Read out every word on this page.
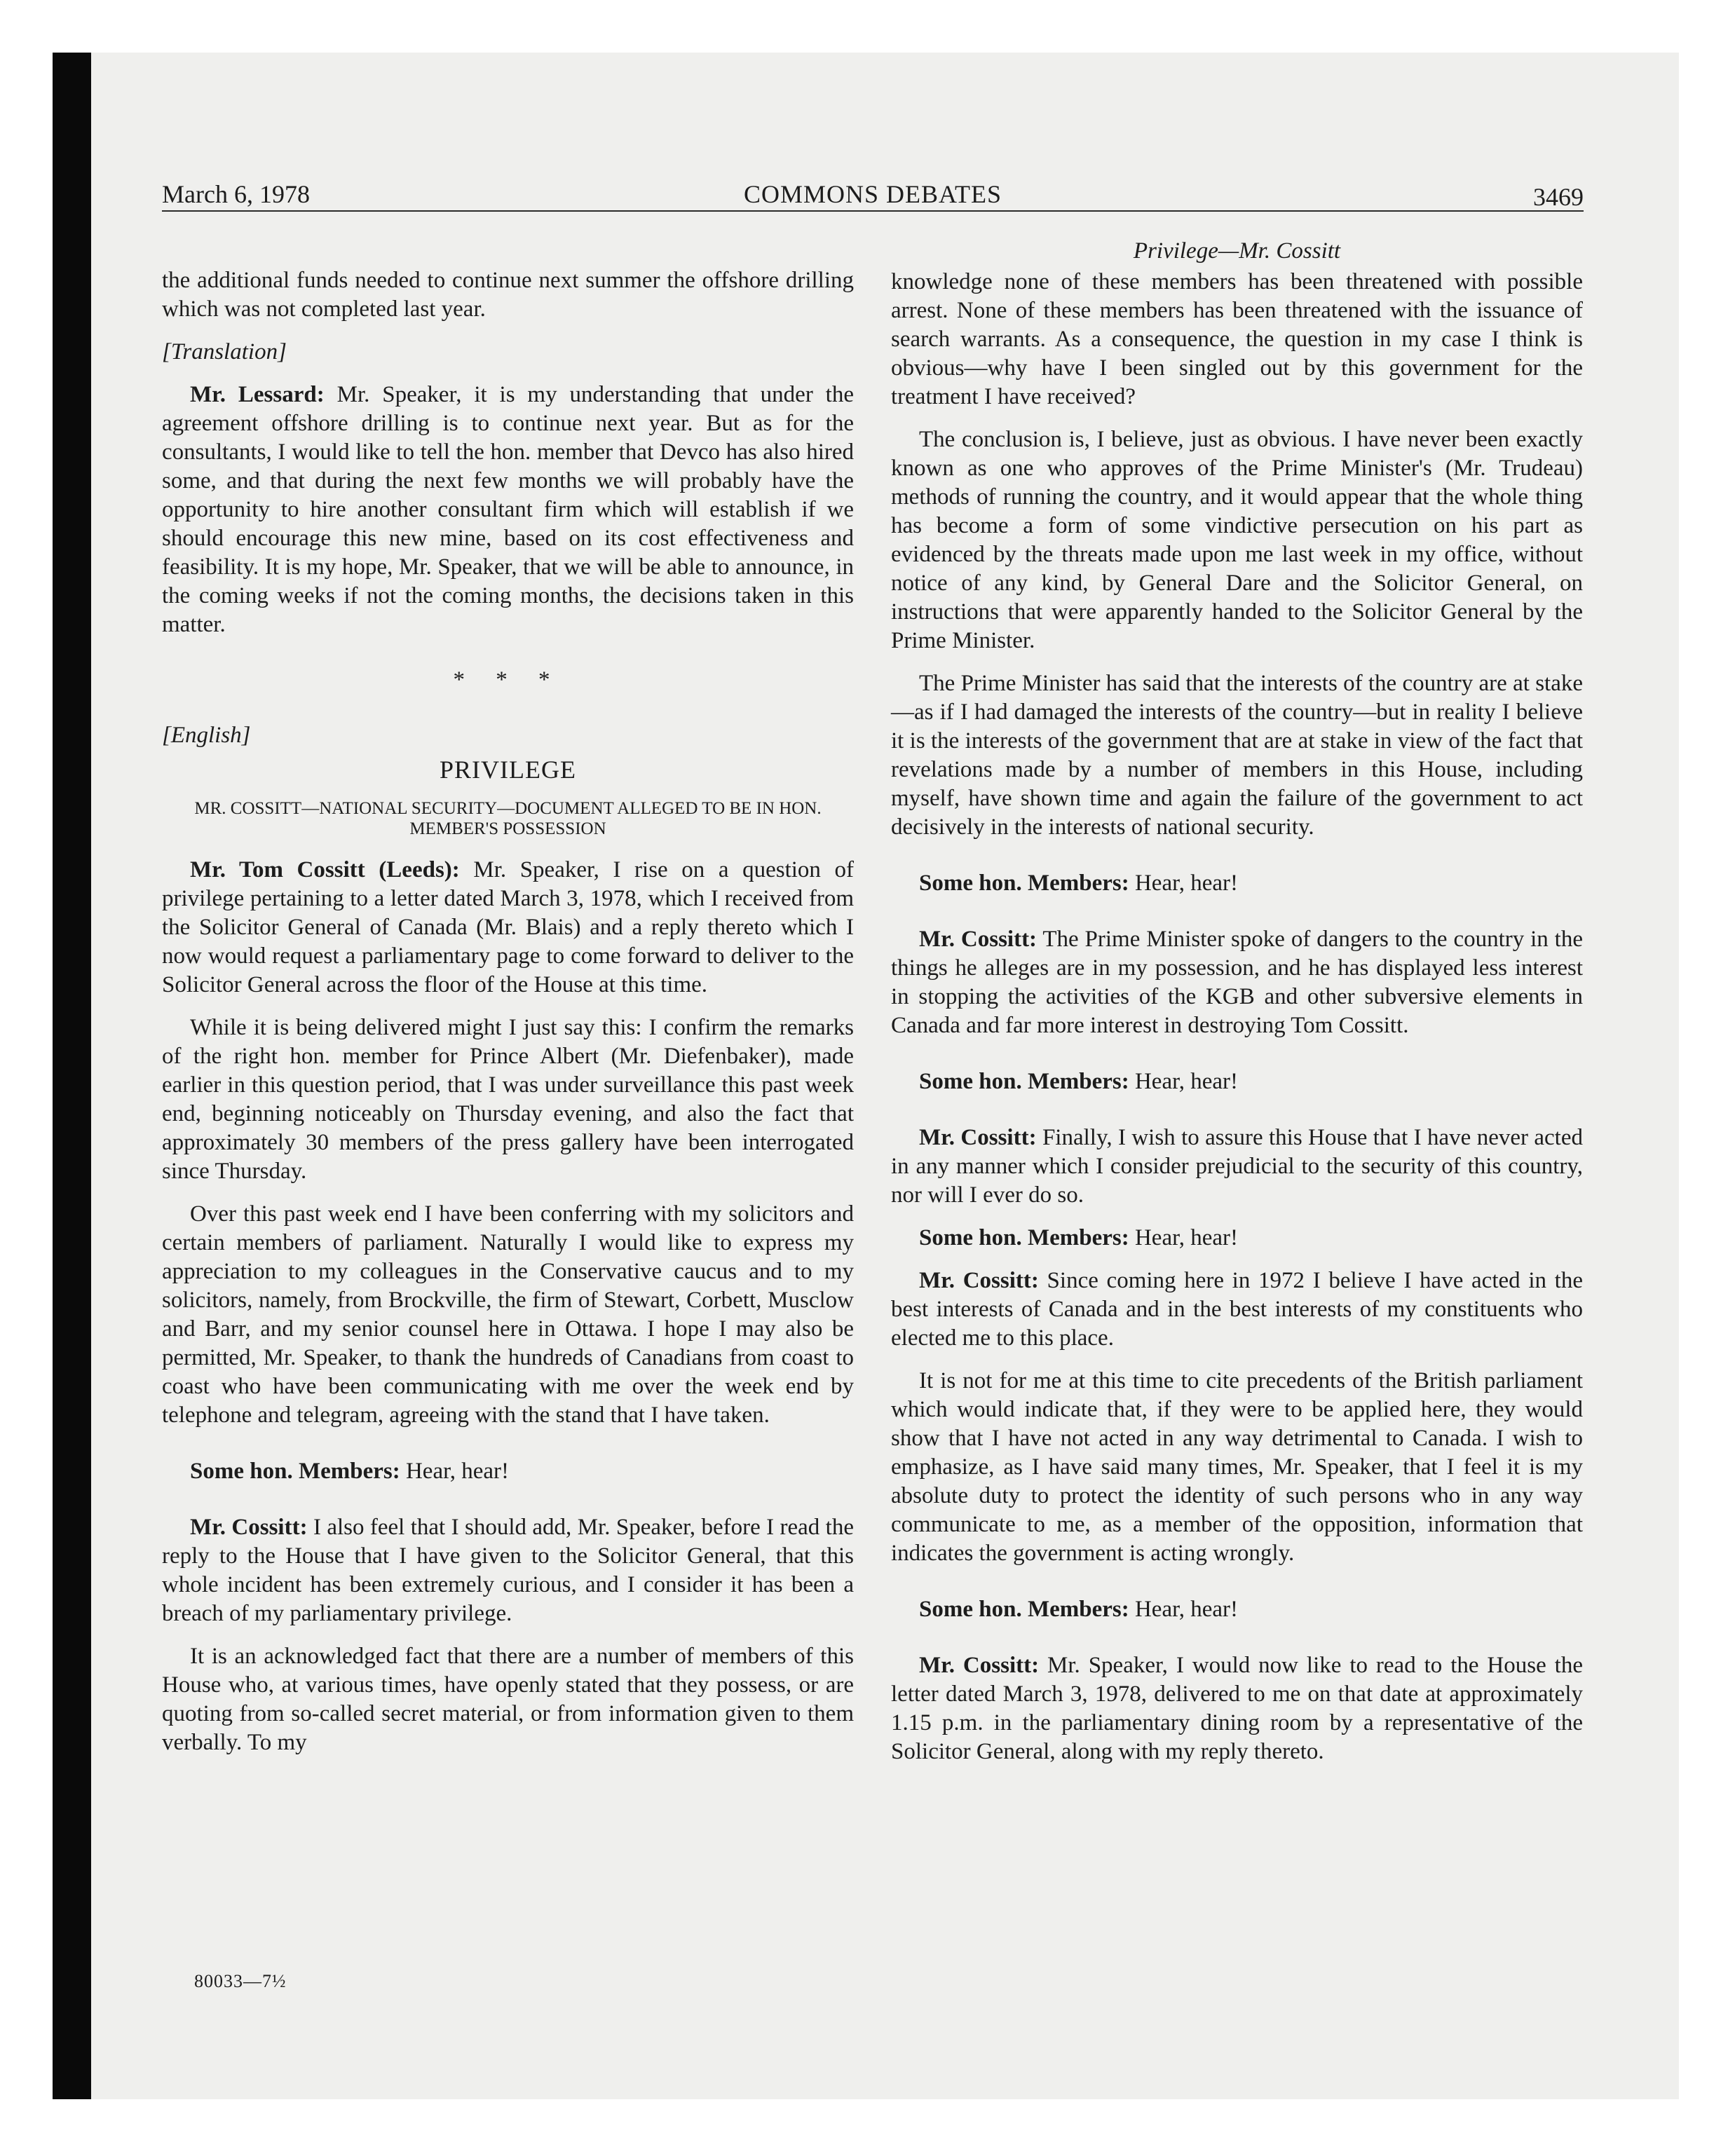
March 6, 1978	COMMONS DEBATES	3469
Privilege—Mr. Cossitt

the additional funds needed to continue next summer the offshore drilling which was not completed last year.

[Translation]

Mr. Lessard: Mr. Speaker, it is my understanding that under the agreement offshore drilling is to continue next year. But as for the consultants, I would like to tell the hon. member that Devco has also hired some, and that during the next few months we will probably have the opportunity to hire another consultant firm which will establish if we should encourage this new mine, based on its cost effectiveness and feasibility. It is my hope, Mr. Speaker, that we will be able to announce, in the coming weeks if not the coming months, the decisions taken in this matter.

* * *
[English]
PRIVILEGE
MR. COSSITT—NATIONAL SECURITY—DOCUMENT ALLEGED TO BE IN HON. MEMBER'S POSSESSION

Mr. Tom Cossitt (Leeds): Mr. Speaker, I rise on a question of privilege pertaining to a letter dated March 3, 1978, which I received from the Solicitor General of Canada (Mr. Blais) and a reply thereto which I now would request a parliamentary page to come forward to deliver to the Solicitor General across the floor of the House at this time.

While it is being delivered might I just say this: I confirm the remarks of the right hon. member for Prince Albert (Mr. Diefenbaker), made earlier in this question period, that I was under surveillance this past week end, beginning noticeably on Thursday evening, and also the fact that approximately 30 members of the press gallery have been interrogated since Thursday.

Over this past week end I have been conferring with my solicitors and certain members of parliament. Naturally I would like to express my appreciation to my colleagues in the Conservative caucus and to my solicitors, namely, from Brockville, the firm of Stewart, Corbett, Musclow and Barr, and my senior counsel here in Ottawa. I hope I may also be permitted, Mr. Speaker, to thank the hundreds of Canadians from coast to coast who have been communicating with me over the week end by telephone and telegram, agreeing with the stand that I have taken.

Some hon. Members: Hear, hear!

Mr. Cossitt: I also feel that I should add, Mr. Speaker, before I read the reply to the House that I have given to the Solicitor General, that this whole incident has been extremely curious, and I consider it has been a breach of my parliamentary privilege.

It is an acknowledged fact that there are a number of members of this House who, at various times, have openly stated that they possess, or are quoting from so-called secret material, or from information given to them verbally. To my

knowledge none of these members has been threatened with possible arrest. None of these members has been threatened with the issuance of search warrants. As a consequence, the question in my case I think is obvious—why have I been singled out by this government for the treatment I have received?

The conclusion is, I believe, just as obvious. I have never been exactly known as one who approves of the Prime Minister's (Mr. Trudeau) methods of running the country, and it would appear that the whole thing has become a form of some vindictive persecution on his part as evidenced by the threats made upon me last week in my office, without notice of any kind, by General Dare and the Solicitor General, on instructions that were apparently handed to the Solicitor General by the Prime Minister.

The Prime Minister has said that the interests of the country are at stake—as if I had damaged the interests of the country—but in reality I believe it is the interests of the government that are at stake in view of the fact that revelations made by a number of members in this House, including myself, have shown time and again the failure of the government to act decisively in the interests of national security.

Some hon. Members: Hear, hear!

Mr. Cossitt: The Prime Minister spoke of dangers to the country in the things he alleges are in my possession, and he has displayed less interest in stopping the activities of the KGB and other subversive elements in Canada and far more interest in destroying Tom Cossitt.

Some hon. Members: Hear, hear!

Mr. Cossitt: Finally, I wish to assure this House that I have never acted in any manner which I consider prejudicial to the security of this country, nor will I ever do so.

Some hon. Members: Hear, hear!

Mr. Cossitt: Since coming here in 1972 I believe I have acted in the best interests of Canada and in the best interests of my constituents who elected me to this place.

It is not for me at this time to cite precedents of the British parliament which would indicate that, if they were to be applied here, they would show that I have not acted in any way detrimental to Canada. I wish to emphasize, as I have said many times, Mr. Speaker, that I feel it is my absolute duty to protect the identity of such persons who in any way communicate to me, as a member of the opposition, information that indicates the government is acting wrongly.

Some hon. Members: Hear, hear!

Mr. Cossitt: Mr. Speaker, I would now like to read to the House the letter dated March 3, 1978, delivered to me on that date at approximately 1.15 p.m. in the parliamentary dining room by a representative of the Solicitor General, along with my reply thereto.

80033—7½
